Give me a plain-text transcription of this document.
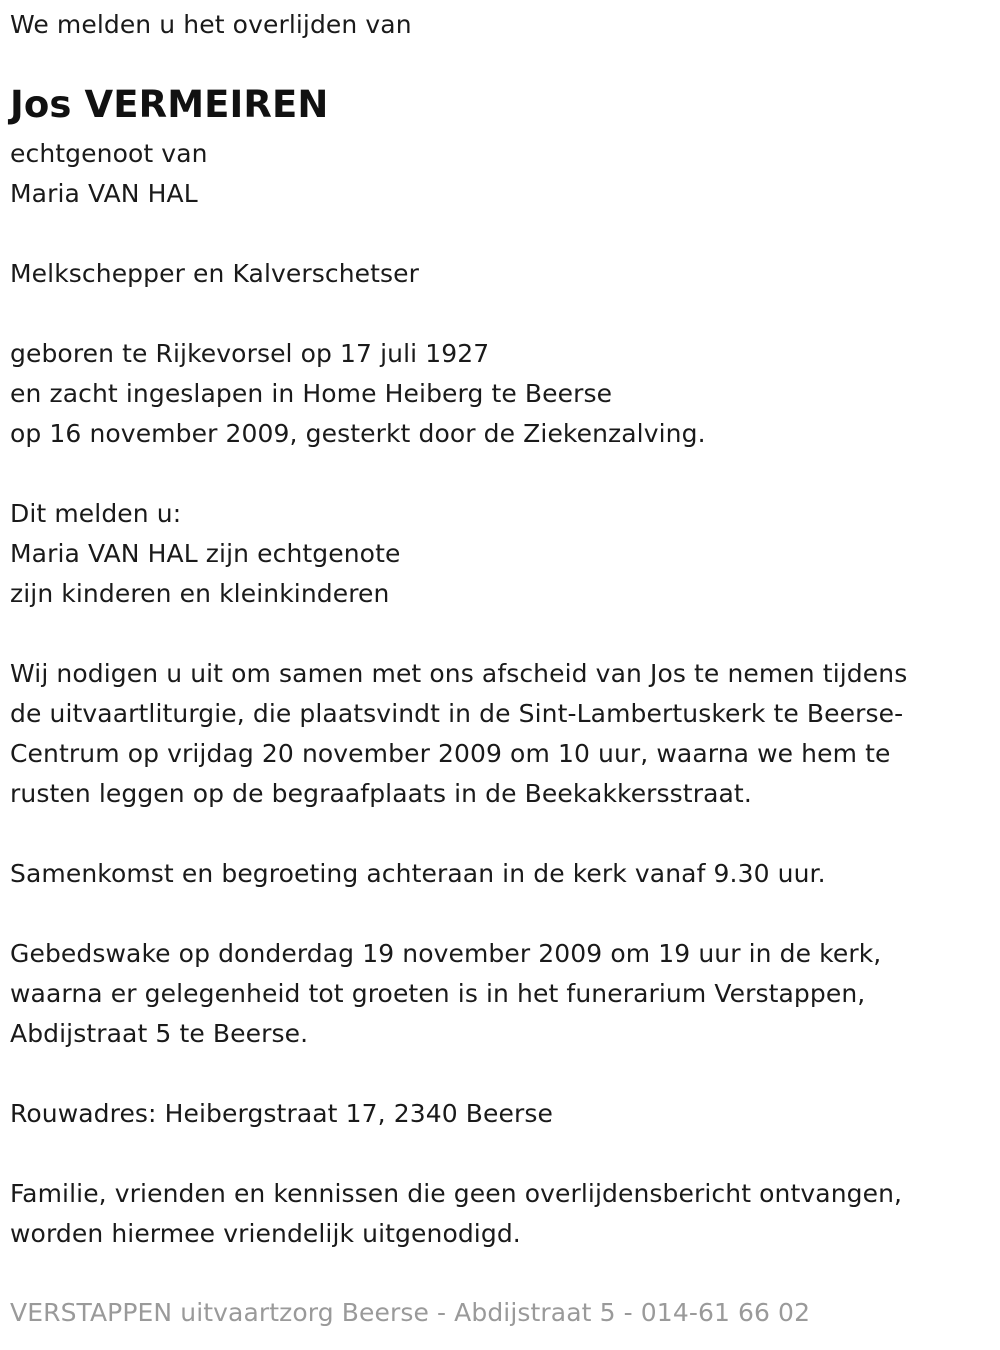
We melden u het overlijden van
Jos VERMEIREN
echtgenoot van
Maria VAN HAL
Melkschepper en Kalverschetser
geboren te Rijkevorsel op 17 juli 1927
en zacht ingeslapen in Home Heiberg te Beerse
op 16 november 2009, gesterkt door de Ziekenzalving.
Dit melden u:
Maria VAN HAL zijn echtgenote
zijn kinderen en kleinkinderen
Wij nodigen u uit om samen met ons afscheid van Jos te nemen tijdens
de uitvaartliturgie, die plaatsvindt in de Sint-Lambertuskerk te Beerse-
Centrum op vrijdag 20 november 2009 om 10 uur, waarna we hem te
rusten leggen op de begraafplaats in de Beekakkersstraat.
Samenkomst en begroeting achteraan in de kerk vanaf 9.30 uur.
Gebedswake op donderdag 19 november 2009 om 19 uur in de kerk,
waarna er gelegenheid tot groeten is in het funerarium Verstappen,
Abdijstraat 5 te Beerse.
Rouwadres: Heibergstraat 17, 2340 Beerse
Familie, vrienden en kennissen die geen overlijdensbericht ontvangen,
worden hiermee vriendelijk uitgenodigd.
VERSTAPPEN uitvaartzorg Beerse - Abdijstraat 5 - 014-61 66 02
